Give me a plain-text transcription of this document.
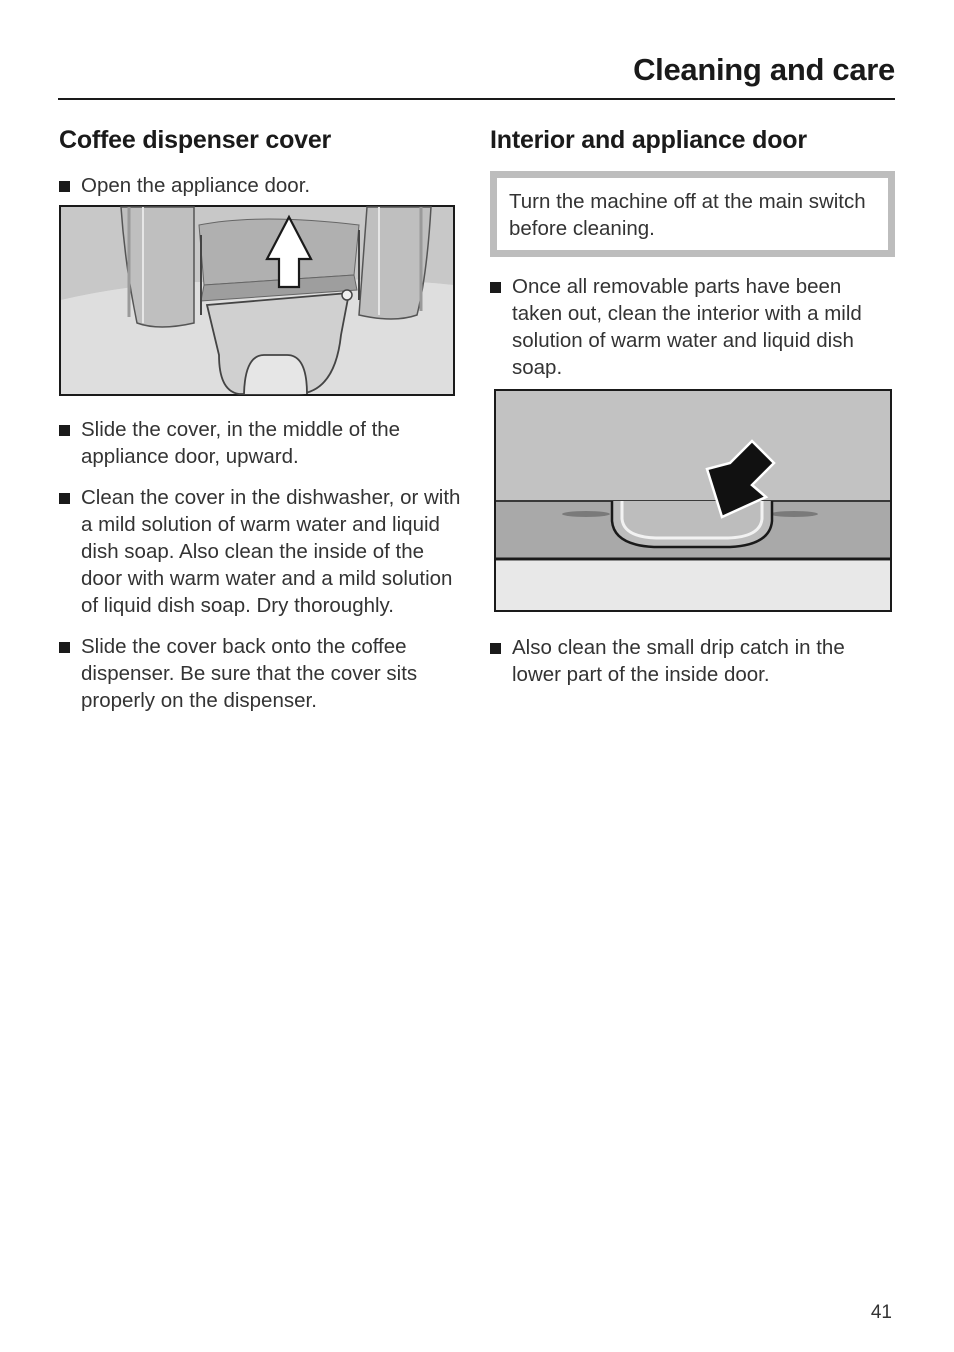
Cleaning and care
Coffee dispenser cover
Open the appliance door.
Slide the cover, in the middle of the appliance door, upward.
Clean the cover in the dishwasher, or with a mild solution of warm water and liquid dish soap. Also clean the inside of the door with warm water and a mild solution of liquid dish soap. Dry thoroughly.
Slide the cover back onto the coffee dispenser. Be sure that the cover sits properly on the dispenser.
Interior and appliance door
Turn the machine off at the main switch before cleaning.
Once all removable parts have been taken out, clean the interior with a mild solution of warm water and liquid dish soap.
Also clean the small drip catch in the lower part of the inside door.
41
